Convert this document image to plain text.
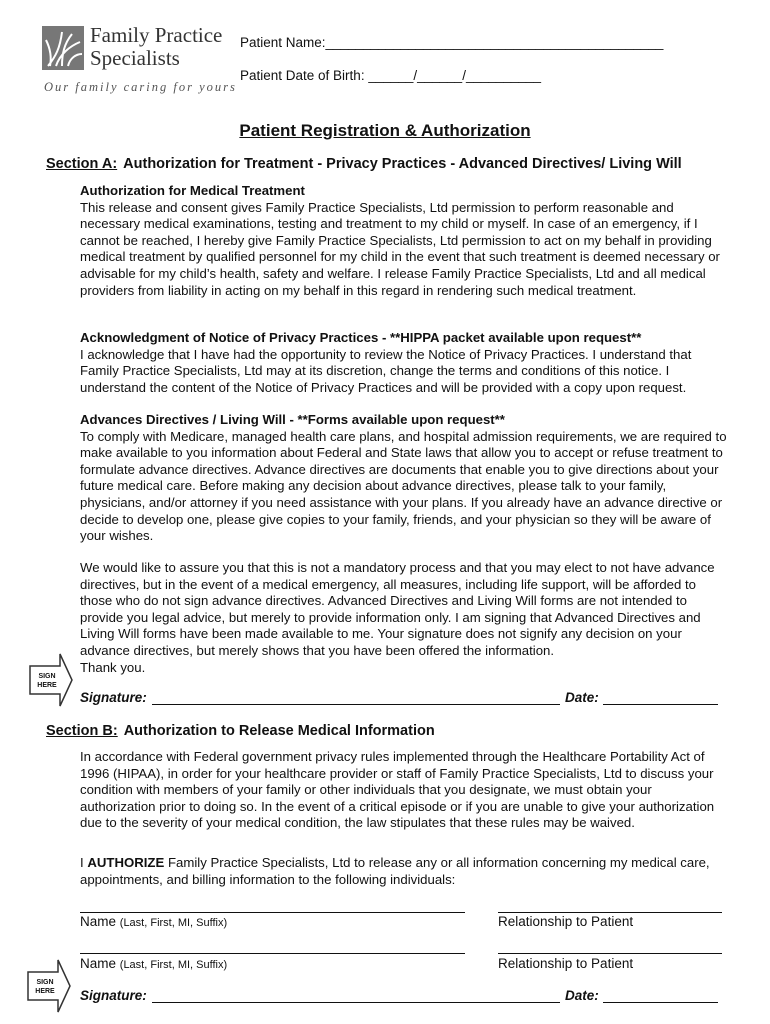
Family Practice
Specialists
Our family caring for yours
Patient Name:_____________________________________________
Patient Date of Birth: ______/______/__________
Patient Registration & Authorization
Section A: Authorization for Treatment - Privacy Practices - Advanced Directives/ Living Will
Authorization for Medical Treatment

This release and consent gives Family Practice Specialists, Ltd permission to perform reasonable and necessary medical examinations, testing and treatment to my child or myself. In case of an emergency, if I cannot be reached, I hereby give Family Practice Specialists, Ltd permission to act on my behalf in providing medical treatment by qualified personnel for my child in the event that such treatment is deemed necessary or advisable for my child’s health, safety and welfare. I release Family Practice Specialists, Ltd and all medical providers from liability in acting on my behalf in this regard in rendering such medical treatment.

Acknowledgment of Notice of Privacy Practices - **HIPPA packet available upon request**

I acknowledge that I have had the opportunity to review the Notice of Privacy Practices. I understand that Family Practice Specialists, Ltd may at its discretion, change the terms and conditions of this notice. I understand the content of the Notice of Privacy Practices and will be provided with a copy upon request.

Advances Directives / Living Will - **Forms available upon request**

To comply with Medicare, managed health care plans, and hospital admission requirements, we are required to make available to you information about Federal and State laws that allow you to accept or refuse treatment to formulate advance directives. Advance directives are documents that enable you to give directions about your future medical care. Before making any decision about advance directives, please talk to your family, physicians, and/or attorney if you need assistance with your plans. If you already have an advance directive or decide to develop one, please give copies to your family, friends, and your physician so they will be aware of your wishes.

We would like to assure you that this is not a mandatory process and that you may elect to not have advance directives, but in the event of a medical emergency, all measures, including life support, will be afforded to those who do not sign advance directives. Advanced Directives and Living Will forms are not intended to provide you legal advice, but merely to provide information only. I am signing that Advanced Directives and Living Will forms have been made available to me. Your signature does not signify any decision on your advance directives, but merely shows that you have been offered the information.

Thank you.
SIGN HERE
Signature:	Date:
Section B: Authorization to Release Medical Information

In accordance with Federal government privacy rules implemented through the Healthcare Portability Act of 1996 (HIPAA), in order for your healthcare provider or staff of Family Practice Specialists, Ltd to discuss your condition with members of your family or other individuals that you designate, we must obtain your authorization prior to doing so. In the event of a critical episode or if you are unable to give your authorization due to the severity of your medical condition, the law stipulates that these rules may be waived.

I AUTHORIZE Family Practice Specialists, Ltd to release any or all information concerning my medical care, appointments, and billing information to the following individuals:
Name (Last, First, MI, Suffix)	Relationship to Patient
Name (Last, First, MI, Suffix)	Relationship to Patient
SIGN HERE Signature:	Date:
